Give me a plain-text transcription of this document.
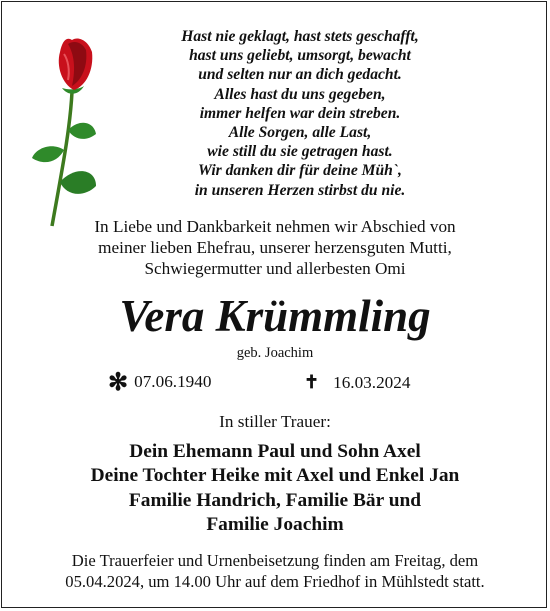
Hast nie geklagt, hast stets geschafft,
hast uns geliebt, umsorgt, bewacht
und selten nur an dich gedacht.
Alles hast du uns gegeben,
immer helfen war dein streben.
Alle Sorgen, alle Last,
wie still du sie getragen hast.
Wir danken dir für deine Müh`,
in unseren Herzen stirbst du nie.
In Liebe und Dankbarkeit nehmen wir Abschied von
meiner lieben Ehefrau, unserer herzensguten Mutti,
Schwiegermutter und allerbesten Omi
Vera Krümmling
geb. Joachim
✻ 07.06.1940	✝ 16.03.2024
In stiller Trauer:
Dein Ehemann Paul und Sohn Axel
Deine Tochter Heike mit Axel und Enkel Jan
Familie Handrich, Familie Bär und
Familie Joachim
Die Trauerfeier und Urnenbeisetzung finden am Freitag, dem
05.04.2024, um 14.00 Uhr auf dem Friedhof in Mühlstedt statt.
